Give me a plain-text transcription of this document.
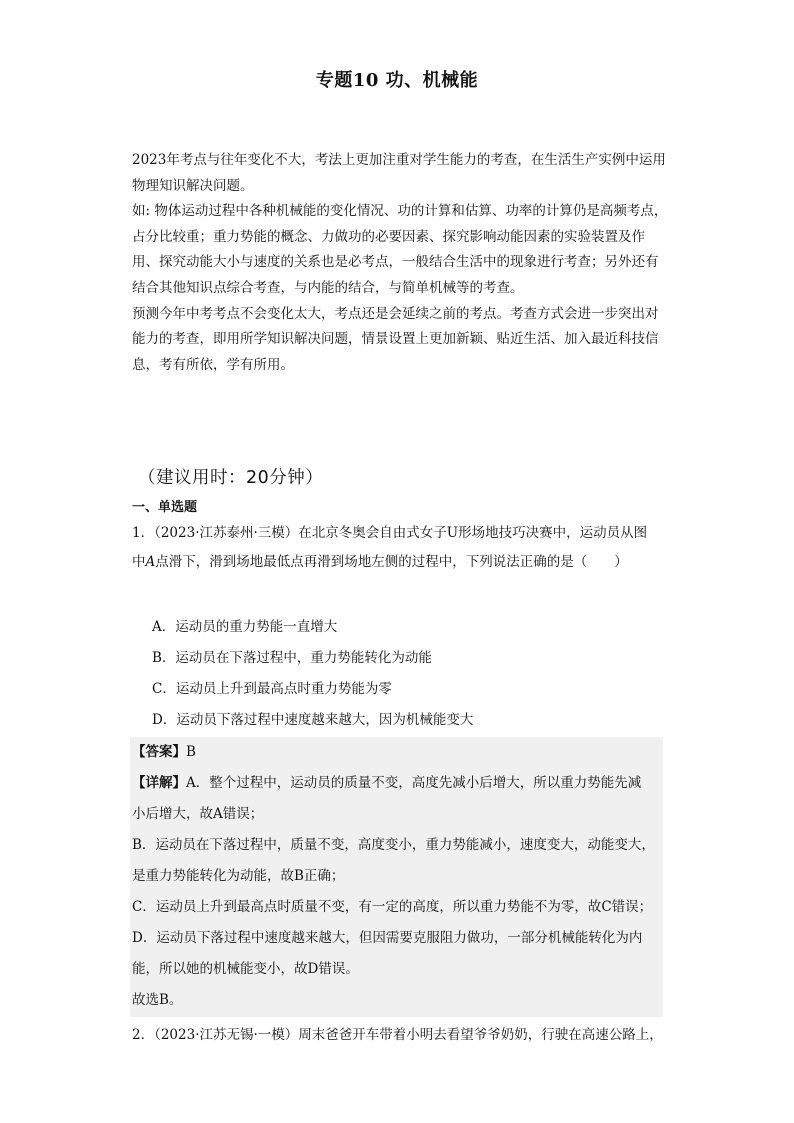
专题10 功、机械能

2023年考点与往年变化不大，考法上更加注重对学生能力的考查，在生活生产实例中运用物理知识解决问题。

如: 物体运动过程中各种机械能的变化情况、功的计算和估算、功率的计算仍是高频考点，占分比较重；重力势能的概念、力做功的必要因素、探究影响动能因素的实验装置及作用、探究动能大小与速度的关系也是必考点，一般结合生活中的现象进行考查；另外还有结合其他知识点综合考查，与内能的结合，与简单机械等的考查。

预测今年中考考点不会变化太大，考点还是会延续之前的考点。考查方式会进一步突出对能力的考查，即用所学知识解决问题，情景设置上更加新颖、贴近生活、加入最近科技信息，考有所依，学有所用。

（建议用时：20分钟）
一、单选题

1．（2023·江苏泰州·三模）在北京冬奥会自由式女子U形场地技巧决赛中，运动员从图

中A点滑下，滑到场地最低点再滑到场地左侧的过程中，下列说法正确的是（　　）

A．运动员的重力势能一直增大
B．运动员在下落过程中，重力势能转化为动能
C．运动员上升到最高点时重力势能为零
D．运动员下落过程中速度越来越大，因为机械能变大
【答案】B
【详解】A．整个过程中，运动员的质量不变，高度先减小后增大，所以重力势能先减
小后增大，故A错误；
B．运动员在下落过程中，质量不变，高度变小，重力势能减小，速度变大，动能变大，
是重力势能转化为动能，故B正确；
C．运动员上升到最高点时质量不变，有一定的高度，所以重力势能不为零，故C错误；
D．运动员下落过程中速度越来越大，但因需要克服阻力做功，一部分机械能转化为内
能，所以她的机械能变小，故D错误。
故选B。
2．（2023·江苏无锡·一模）周末爸爸开车带着小明去看望爷爷奶奶，行驶在高速公路上，
